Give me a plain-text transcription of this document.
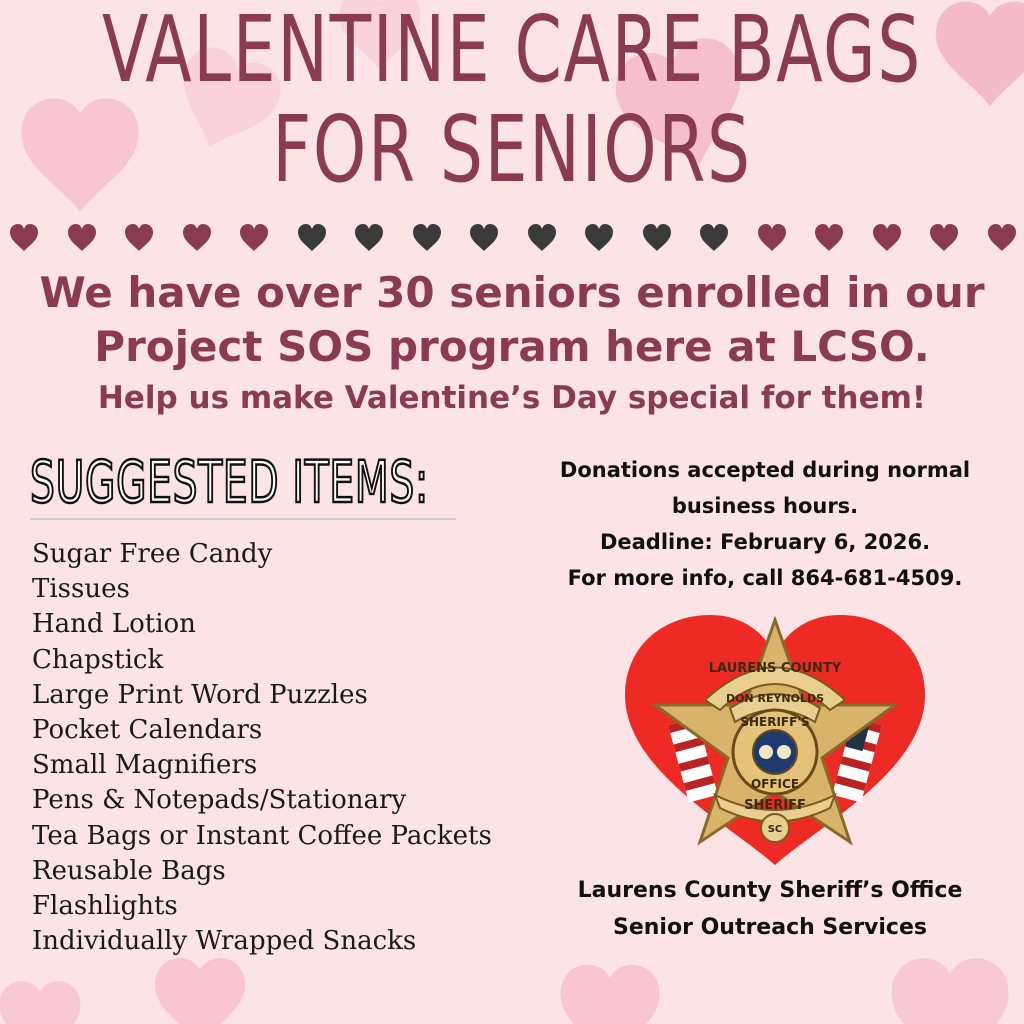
VALENTINE CARE BAGS
FOR SENIORS
We have over 30 seniors enrolled in our
Project SOS program here at LCSO.
Help us make Valentine’s Day special for them!
SUGGESTED ITEMS:
Sugar Free Candy
Tissues
Hand Lotion
Chapstick
Large Print Word Puzzles
Pocket Calendars
Small Magnifiers
Pens & Notepads/Stationary
Tea Bags or Instant Coffee Packets
Reusable Bags
Flashlights
Individually Wrapped Snacks
Donations accepted during normal
business hours.
Deadline: February 6, 2026.
For more info, call 864-681-4509.
LAURENS COUNTY
DON REYNOLDS
SHERIFF'S
OFFICE
SHERIFF
SC
Laurens County Sheriff’s Office
Senior Outreach Services
